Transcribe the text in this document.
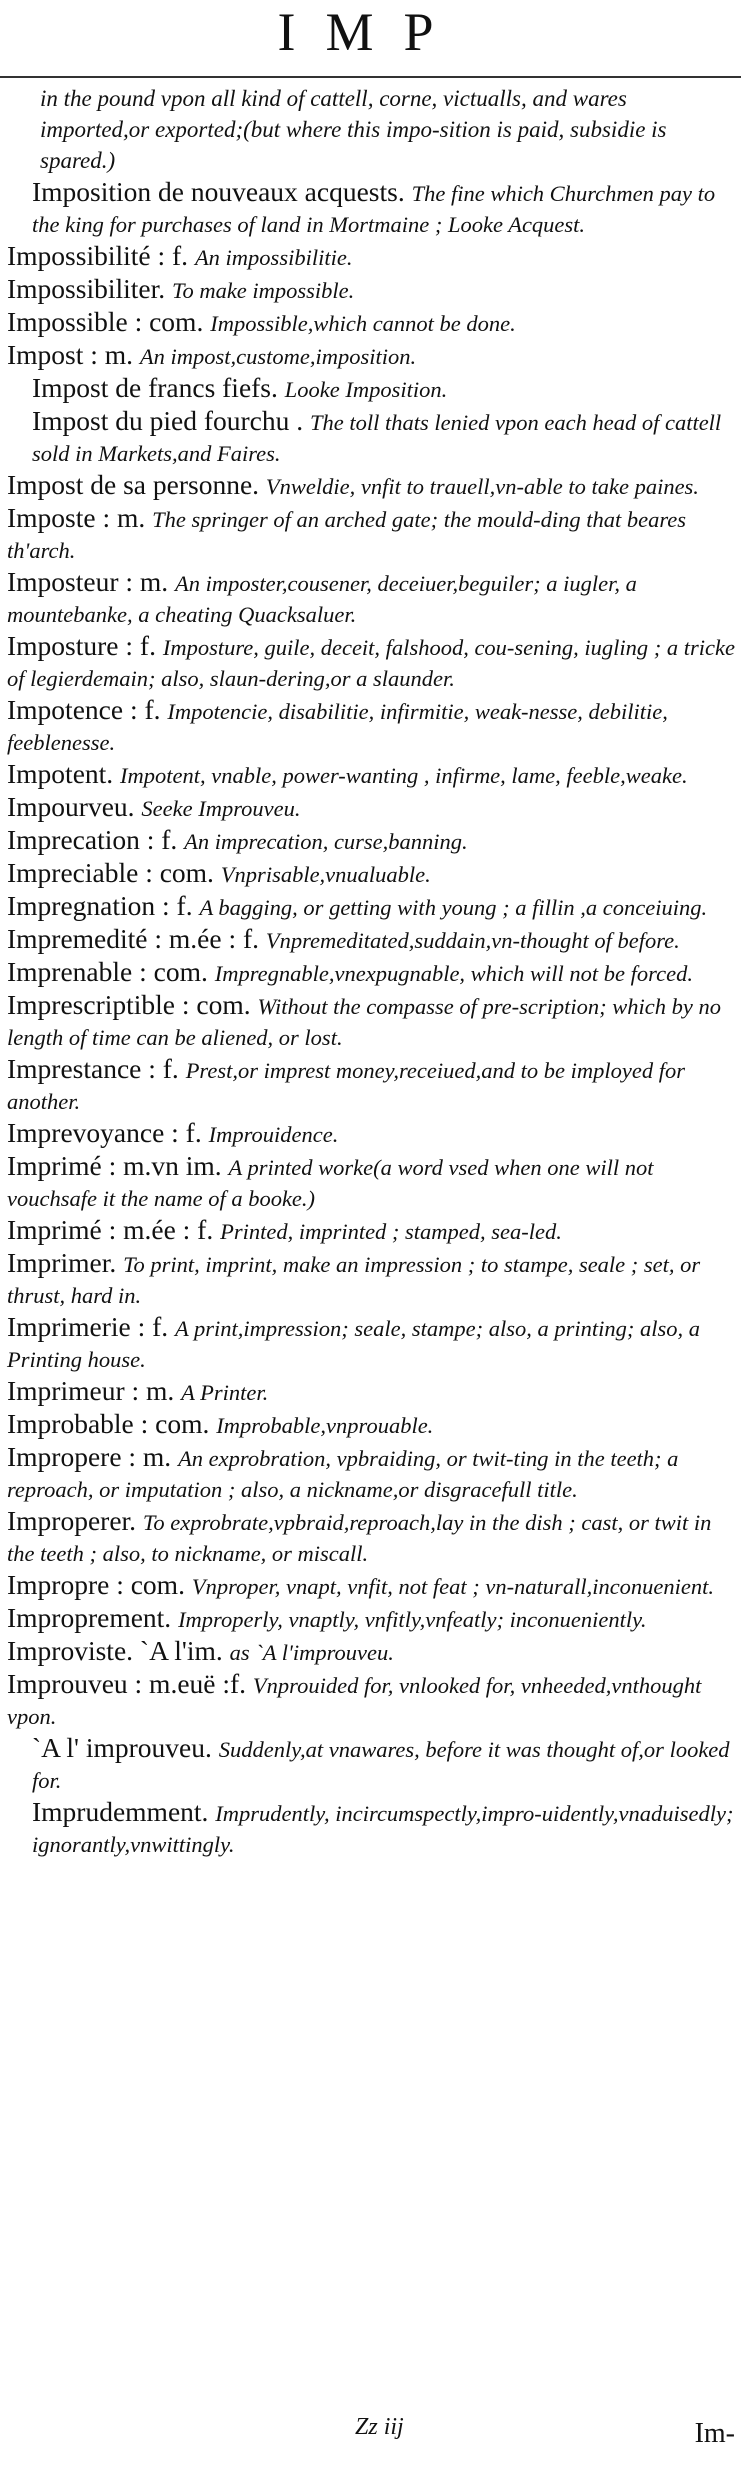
IMP
in the pound vpon all kind of cattell, corne, victualls, and wares imported,or exported;(but where this impo-sition is paid, subsidie is spared.)
Imposition de nouveaux acquests. The fine which Churchmen pay to the king for purchases of land in Mortmaine ; Looke Acquest.
Impossibilité : f. An impossibilitie.
Impossibiliter. To make impossible.
Impossible : com. Impossible,which cannot be done.
Impost : m. An impost,custome,imposition.
Impost de francs fiefs. Looke Imposition.
Impost du pied fourchu . The toll thats lenied vpon each head of cattell sold in Markets,and Faires.
Impost de sa personne. Vnweldie, vnfit to trauell,vn-able to take paines.
Imposte : m. The springer of an arched gate; the mould-ding that beares th'arch.
Imposteur : m. An imposter,cousener, deceiuer,beguiler; a iugler, a mountebanke, a cheating Quacksaluer.
Imposture : f. Imposture, guile, deceit, falshood, cou-sening, iugling ; a tricke of legierdemain; also, slaun-dering,or a slaunder.
Impotence : f. Impotencie, disabilitie, infirmitie, weak-nesse, debilitie, feeblenesse.
Impotent. Impotent, vnable, power-wanting , infirme, lame, feeble,weake.
Impourveu. Seeke Improuveu.
Imprecation : f. An imprecation, curse,banning.
Impreciable : com. Vnprisable,vnualuable.
Impregnation : f. A bagging, or getting with young ; a fillin ,a conceiuing.
Impremedité : m.ée : f. Vnpremeditated,suddain,vn-thought of before.
Imprenable : com. Impregnable,vnexpugnable, which will not be forced.
Imprescriptible : com. Without the compasse of pre-scription; which by no length of time can be aliened, or lost.
Imprestance : f. Prest,or imprest money,receiued,and to be imployed for another.
Imprevoyance : f. Improuidence.
Imprimé : m.vn im. A printed worke(a word vsed when one will not vouchsafe it the name of a booke.)
Imprimé : m.ée : f. Printed, imprinted ; stamped, sea-led.
Imprimer. To print, imprint, make an impression ; to stampe, seale ; set, or thrust, hard in.
Imprimerie : f. A print,impression; seale, stampe; also, a printing; also, a Printing house.
Imprimeur : m. A Printer.
Improbable : com. Improbable,vnprouable.
Impropere : m. An exprobration, vpbraiding, or twit-ting in the teeth; a reproach, or imputation ; also, a nickname,or disgracefull title.
Improperer. To exprobrate,vpbraid,reproach,lay in the dish ; cast, or twit in the teeth ; also, to nickname, or miscall.
Impropre : com. Vnproper, vnapt, vnfit, not feat ; vn-naturall,inconuenient.
Improprement. Improperly, vnaptly, vnfitly,vnfeatly; inconueniently.
Improviste. `A l'im. as `A l'improuveu.
Improuveu : m.euë :f. Vnprouided for, vnlooked for, vnheeded,vnthought vpon.
`A l' improuveu. Suddenly,at vnawares, before it was thought of,or looked for.
Imprudemment. Imprudently, incircumspectly,impro-uidently,vnaduisedly; ignorantly,vnwittingly.
Zz iij	Im-
